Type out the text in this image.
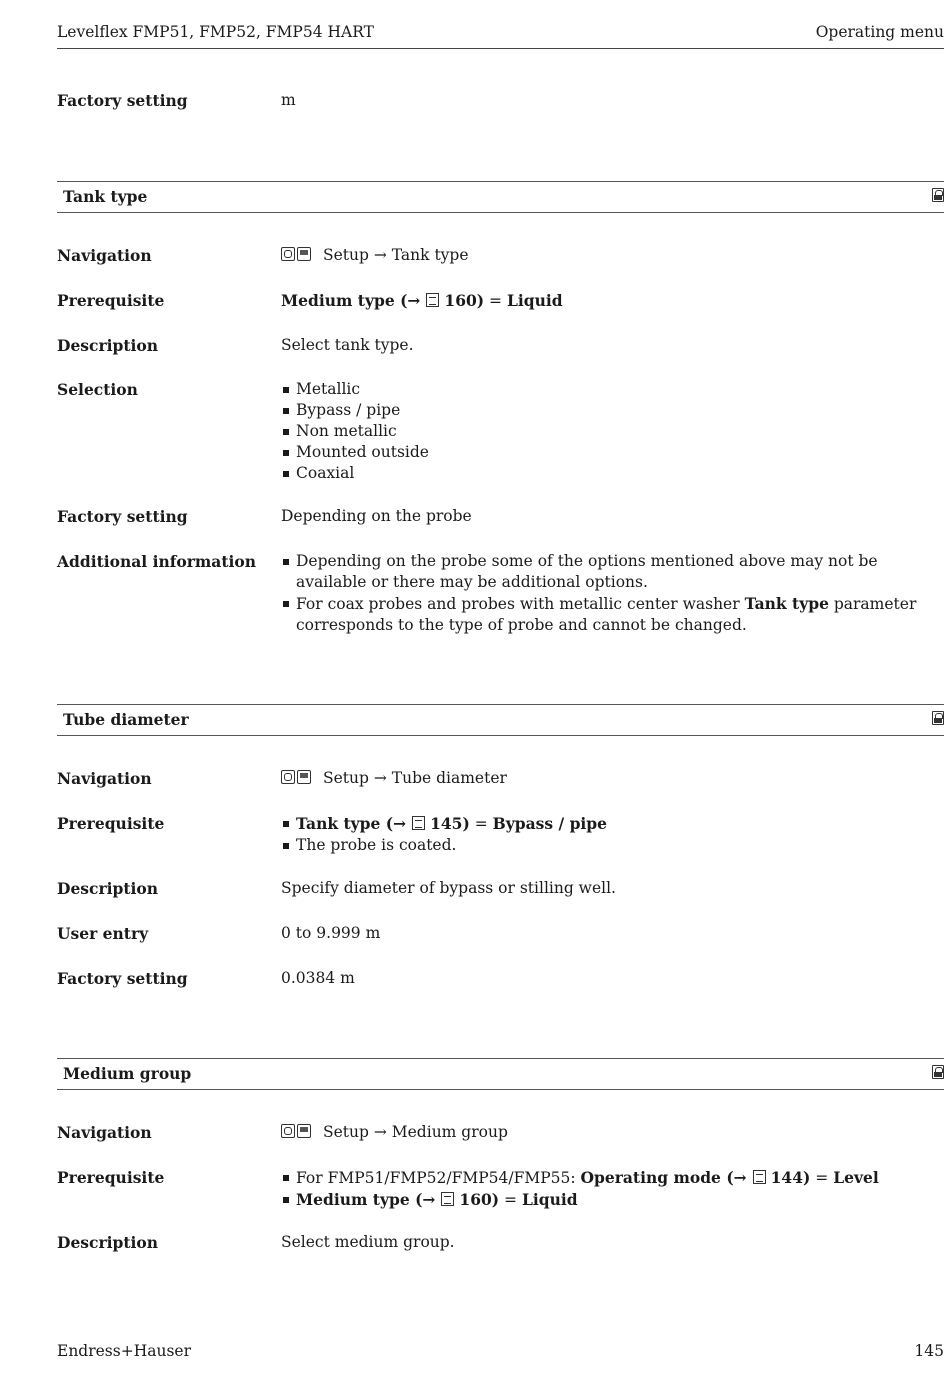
Levelflex FMP51, FMP52, FMP54 HART	Operating menu
Factory setting	m
Tank type
Navigation	Setup → Tank type
Prerequisite	Medium type (→ 160) = Liquid
Description	Select tank type.
Selection	Metallic
Bypass / pipe
Non metallic
Mounted outside
Coaxial
Factory setting	Depending on the probe
Additional information	Depending on the probe some of the options mentioned above may not be available or there may be additional options.
For coax probes and probes with metallic center washer Tank type parameter corresponds to the type of probe and cannot be changed.
Tube diameter
Navigation	Setup → Tube diameter
Prerequisite	Tank type (→ 145) = Bypass / pipe
The probe is coated.
Description	Specify diameter of bypass or stilling well.
User entry	0 to 9.999 m
Factory setting	0.0384 m
Medium group
Navigation	Setup → Medium group
Prerequisite	For FMP51/FMP52/FMP54/FMP55: Operating mode (→ 144) = Level
Medium type (→ 160) = Liquid
Description	Select medium group.
Endress+Hauser	145
